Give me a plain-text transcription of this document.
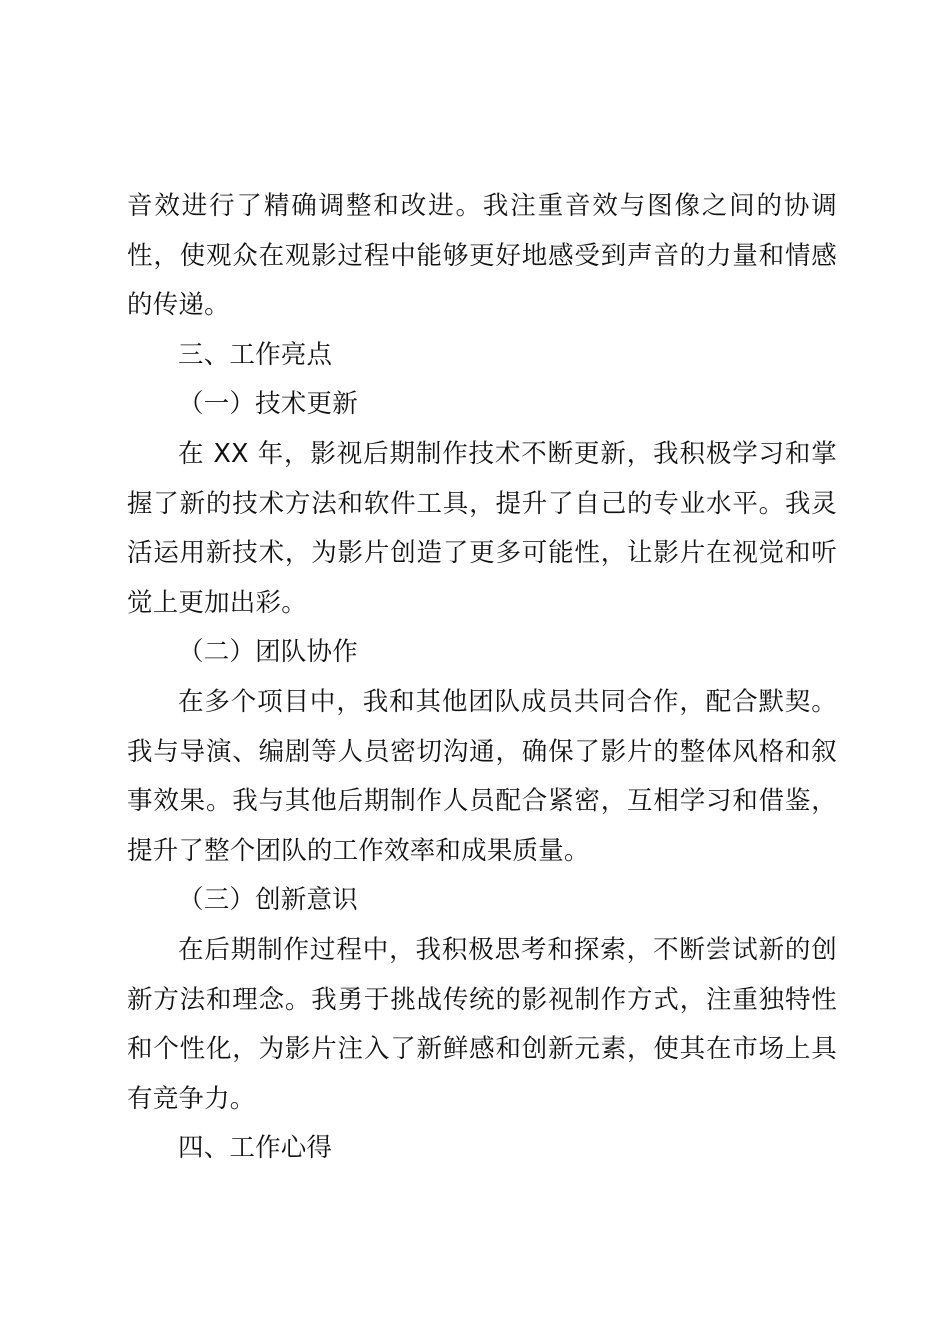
音效进行了精确调整和改进。我注重音效与图像之间的协调性，使观众在观影过程中能够更好地感受到声音的力量和情感的传递。

三、工作亮点

（一）技术更新

在 XX 年，影视后期制作技术不断更新，我积极学习和掌握了新的技术方法和软件工具，提升了自己的专业水平。我灵活运用新技术，为影片创造了更多可能性，让影片在视觉和听觉上更加出彩。

（二）团队协作

在多个项目中，我和其他团队成员共同合作，配合默契。我与导演、编剧等人员密切沟通，确保了影片的整体风格和叙事效果。我与其他后期制作人员配合紧密，互相学习和借鉴，提升了整个团队的工作效率和成果质量。

（三）创新意识

在后期制作过程中，我积极思考和探索，不断尝试新的创新方法和理念。我勇于挑战传统的影视制作方式，注重独特性和个性化，为影片注入了新鲜感和创新元素，使其在市场上具有竞争力。

四、工作心得
